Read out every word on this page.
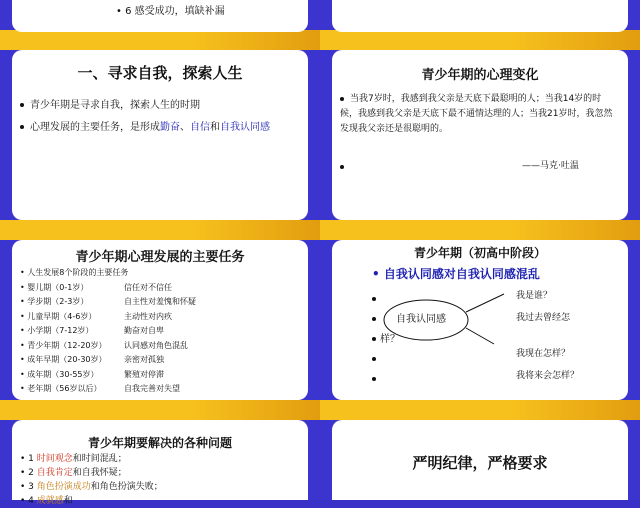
• 6 感受成功，填缺补漏
一、寻求自我，探索人生
青少年期是寻求自我，探索人生的时期
心理发展的主要任务，是形成勤奋、自信和自我认同感
青少年期的心理变化
当我7岁时，我感到我父亲是天底下最聪明的人；当我14岁的时候，我感到我父亲是天底下最不通情达理的人；当我21岁时，我忽然发现我父亲还是很聪明的。
——马克·吐温
青少年期心理发展的主要任务
• 人生发展8个阶段的主要任务
• 婴儿期（0-1岁）	信任对不信任
• 学步期（2-3岁）	自主性对羞愧和怀疑
• 儿童早期（4-6岁）	主动性对内疚
• 小学期（7-12岁）	勤奋对自卑
• 青少年期（12-20岁） 认同感对角色混乱
• 成年早期（20-30岁） 亲密对孤独
• 成年期（30-55岁）	繁殖对停滞
• 老年期（56岁以后）	自我完善对失望
青少年期（初高中阶段）
• 自我认同感对自我认同感混乱
自我认同感
样？
我是谁？
我过去曾经怎
我现在怎样？
我将来会怎样？
青少年期要解决的各种问题
• 1 时间观念和时间混乱；
• 2 自我肯定和自我怀疑；
• 3 角色扮演成功和角色扮演失败；
• 4 成就感和
严明纪律，严格要求
